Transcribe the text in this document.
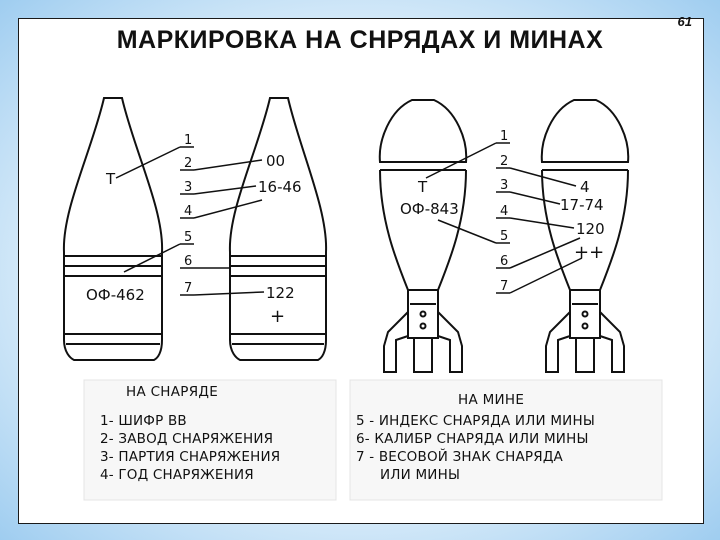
МАРКИРОВКА НА СНРЯДАХ И МИНАХ
61
Т
ОФ-462
00
16-46
122
+
1
2
3
4
5
6
7
Т
ОФ-843
4
17-74
120
++
1
2
3
4
5
6
7
НА СНАРЯДЕ	НА МИНЕ
1- ШИФР ВВ
2- ЗАВОД СНАРЯЖЕНИЯ
3- ПАРТИЯ СНАРЯЖЕНИЯ
4- ГОД СНАРЯЖЕНИЯ
5 - ИНДЕКС СНАРЯДА ИЛИ МИНЫ
6- КАЛИБР СНАРЯДА ИЛИ МИНЫ
7 - ВЕСОВОЙ ЗНАК СНАРЯДА
ИЛИ МИНЫ
